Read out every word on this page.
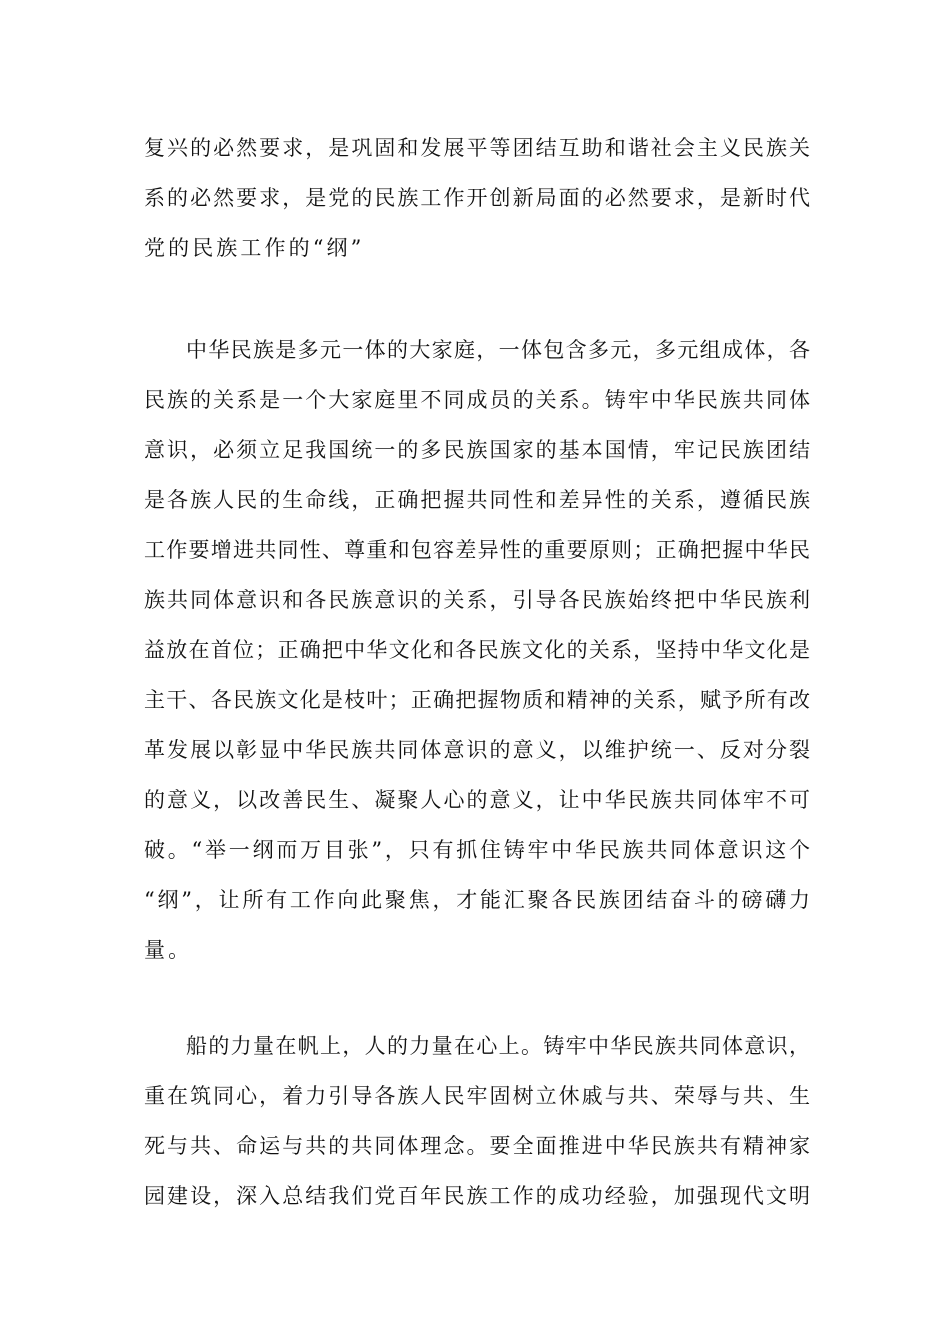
复兴的必然要求，是巩固和发展平等团结互助和谐社会主义民族关
系的必然要求，是党的民族工作开创新局面的必然要求，是新时代
党的民族工作的“纲”
中华民族是多元一体的大家庭，一体包含多元，多元组成体，各
民族的关系是一个大家庭里不同成员的关系。铸牢中华民族共同体
意识，必须立足我国统一的多民族国家的基本国情，牢记民族团结
是各族人民的生命线，正确把握共同性和差异性的关系，遵循民族
工作要增进共同性、尊重和包容差异性的重要原则；正确把握中华民
族共同体意识和各民族意识的关系，引导各民族始终把中华民族利
益放在首位；正确把中华文化和各民族文化的关系，坚持中华文化是
主干、各民族文化是枝叶；正确把握物质和精神的关系，赋予所有改
革发展以彰显中华民族共同体意识的意义，以维护统一、反对分裂
的意义，以改善民生、凝聚人心的意义，让中华民族共同体牢不可
破。“举一纲而万目张”，只有抓住铸牢中华民族共同体意识这个
“纲”，让所有工作向此聚焦，才能汇聚各民族团结奋斗的磅礴力
量。
船的力量在帆上，人的力量在心上。铸牢中华民族共同体意识，
重在筑同心，着力引导各族人民牢固树立休戚与共、荣辱与共、生
死与共、命运与共的共同体理念。要全面推进中华民族共有精神家
园建设，深入总结我们党百年民族工作的成功经验，加强现代文明
